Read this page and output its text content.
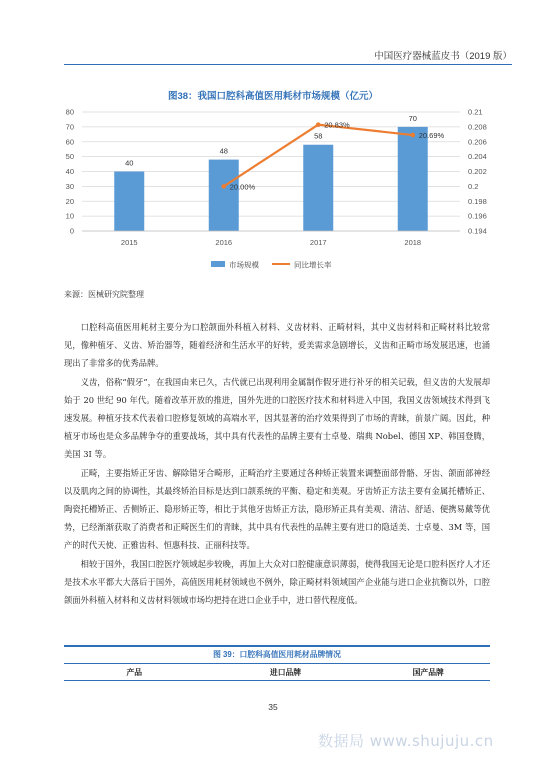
中国医疗器械蓝皮书（2019 版）
图38：我国口腔科高值医用耗材市场规模（亿元）
40
48
58
70
20.00%
20.83%
20.69%
0
10
20
30
40
50
60
70
80
0.194
0.196
0.198
0.2
0.202
0.204
0.206
0.208
0.21
2015	2016	2017	2018
市场规模	同比增长率
来源：医械研究院整理

口腔科高值医用耗材主要分为口腔颌面外科植入材料、义齿材料、正畸材料，其中义齿材料和正畸材料比较常见，像种植牙、义齿、矫治器等，随着经济和生活水平的好转，爱美需求急剧增长，义齿和正畸市场发展迅速，也涌现出了非常多的优秀品牌。

义齿，俗称“假牙”，在我国由来已久，古代就已出现利用金属制作假牙进行补牙的相关记载，但义齿的大发展却始于 20 世纪 90 年代。随着改革开放的推进，国外先进的口腔医疗技术和材料进入中国，我国义齿领域技术得到飞速发展。种植牙技术代表着口腔修复领域的高端水平，因其显著的治疗效果得到了市场的青睐，前景广阔。因此，种植牙市场也是众多品牌争夺的重要战场，其中具有代表性的品牌主要有士卓曼、瑞典 Nobel、德国 XP、韩国登腾，美国 3I 等。

正畸，主要指矫正牙齿、解除错牙合畸形，正畸治疗主要通过各种矫正装置来调整面部骨骼、牙齿、颌面部神经以及肌肉之间的协调性，其最终矫治目标是达到口颌系统的平衡、稳定和美观。牙齿矫正方法主要有金属托槽矫正、陶瓷托槽矫正、舌侧矫正、隐形矫正等，相比于其他牙齿矫正方法，隐形矫正具有美观、清洁、舒适、便携易戴等优势，已经渐渐获取了消费者和正畸医生们的青睐，其中具有代表性的品牌主要有进口的隐适美、士卓曼、3M 等，国产的时代天使、正雅齿科、恒惠科技、正丽科技等。

相较于国外，我国口腔医疗领域起步较晚，再加上大众对口腔健康意识薄弱，使得我国无论是口腔科医疗人才还是技术水平都大大落后于国外，高值医用耗材领域也不例外，除正畸材料领域国产企业能与进口企业抗衡以外，口腔颌面外科植入材料和义齿材料领域市场均把持在进口企业手中，进口替代程度低。

图 39：口腔科高值医用耗材品牌情况
产品	进口品牌	国产品牌
35
数据局 www.shujuju.cn
